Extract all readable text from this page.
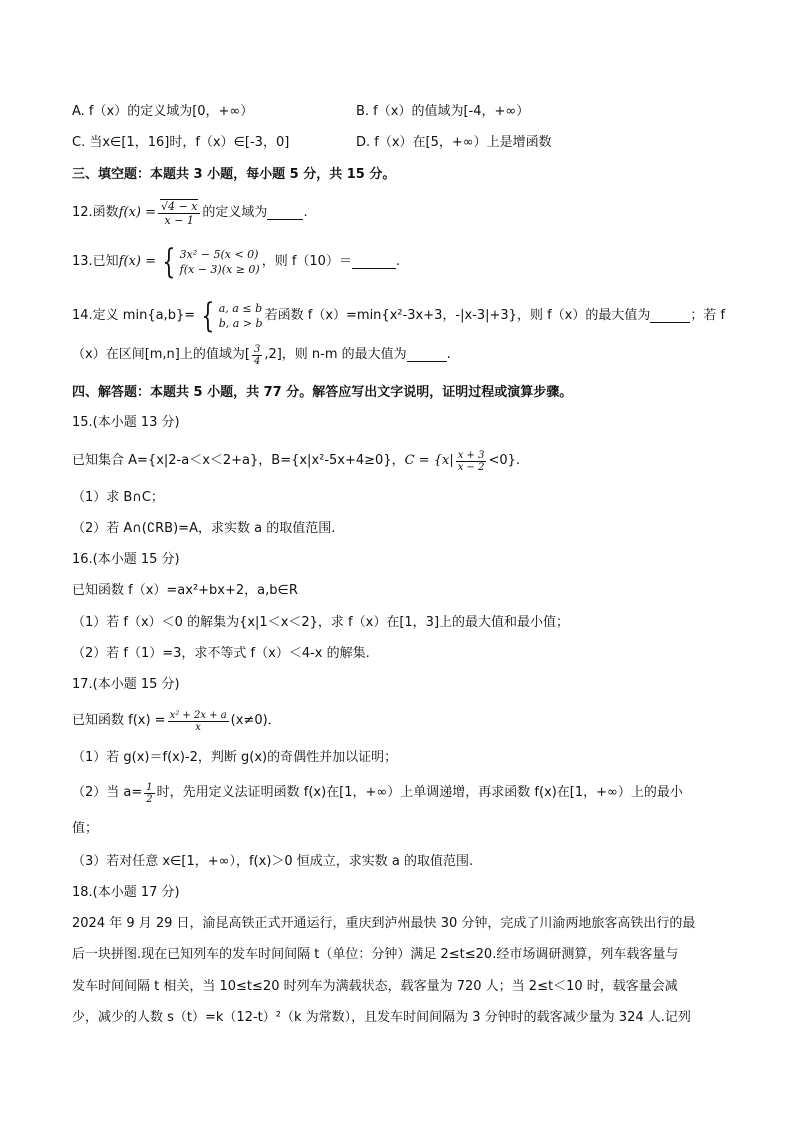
A. f（x）的定义域为[0，+∞）	B. f（x）的值域为[-4，+∞）
C. 当x∈[1，16]时，f（x）∈[-3，0]	D. f（x）在[5，+∞）上是增函数
三、填空题：本题共 3 小题，每小题 5 分，共 15 分。
12.函数 $f(x) = \frac{√4 - x}{x - 1}$ 的定义域为	.
13.已知 f(x) = { 3x² − 5(x < 0)
f(x − 3)(x ≥ 0)
，则 f（10）＝	.
14.定义 min{a,b}= { a, a ≤ b
b, a > b
若函数 f（x）=min{x²-3x+3，-|x-3|+3}，则 f（x）的最大值为	；若 f
（x）在区间[m,n]上的值域为 [ $\frac{3}{4} ,2$]，则 n-m 的最大值为	.
四、解答题：本题共 5 小题，共 77 分。解答应写出文字说明，证明过程或演算步骤。
15.(本小题 13 分)
已知集合 A={x|2-a＜x＜2+a}，B={x|x²-5x+4≥0}， $C = \{x| \frac{x + 3}{x - 2} <0\}$.
（1）求 B∩C；
（2）若 A∩(∁RB)=A，求实数 a 的取值范围.
16.(本小题 15 分)
已知函数 f（x）=ax²+bx+2，a,b∈R
（1）若 f（x）＜0 的解集为{x|1＜x＜2}，求 f（x）在[1，3]上的最大值和最小值；
（2）若 f（1）=3，求不等式 f（x）＜4-x 的解集.
17.(本小题 15 分)
已知函数 $f(x) = \frac{\text{x² + 2x + a}}{x} (x\ne 0)$．
（1）若 g(x)＝f(x)-2，判断 g(x)的奇偶性并加以证明；
（2）当 $a= \frac{1}{2}$ 时，先用定义法证明函数 f(x)在[1，+∞）上单调递增，再求函数 f(x)在[1，+∞）上的最小
值；
（3）若对任意 x∈[1，+∞），f(x)＞0 恒成立，求实数 a 的取值范围.
18.(本小题 17 分)
2024 年 9 月 29 日，渝昆高铁正式开通运行，重庆到泸州最快 30 分钟，完成了川渝两地旅客高铁出行的最
后一块拼图.现在已知列车的发车时间间隔 t（单位：分钟）满足 2≤t≤20.经市场调研测算，列车载客量与
发车时间间隔 t 相关，当 10≤t≤20 时列车为满载状态，载客量为 720 人；当 2≤t＜10 时，载客量会减
少，减少的人数 s（t）=k（12-t）²（k 为常数），且发车时间间隔为 3 分钟时的载客减少量为 324 人.记列
